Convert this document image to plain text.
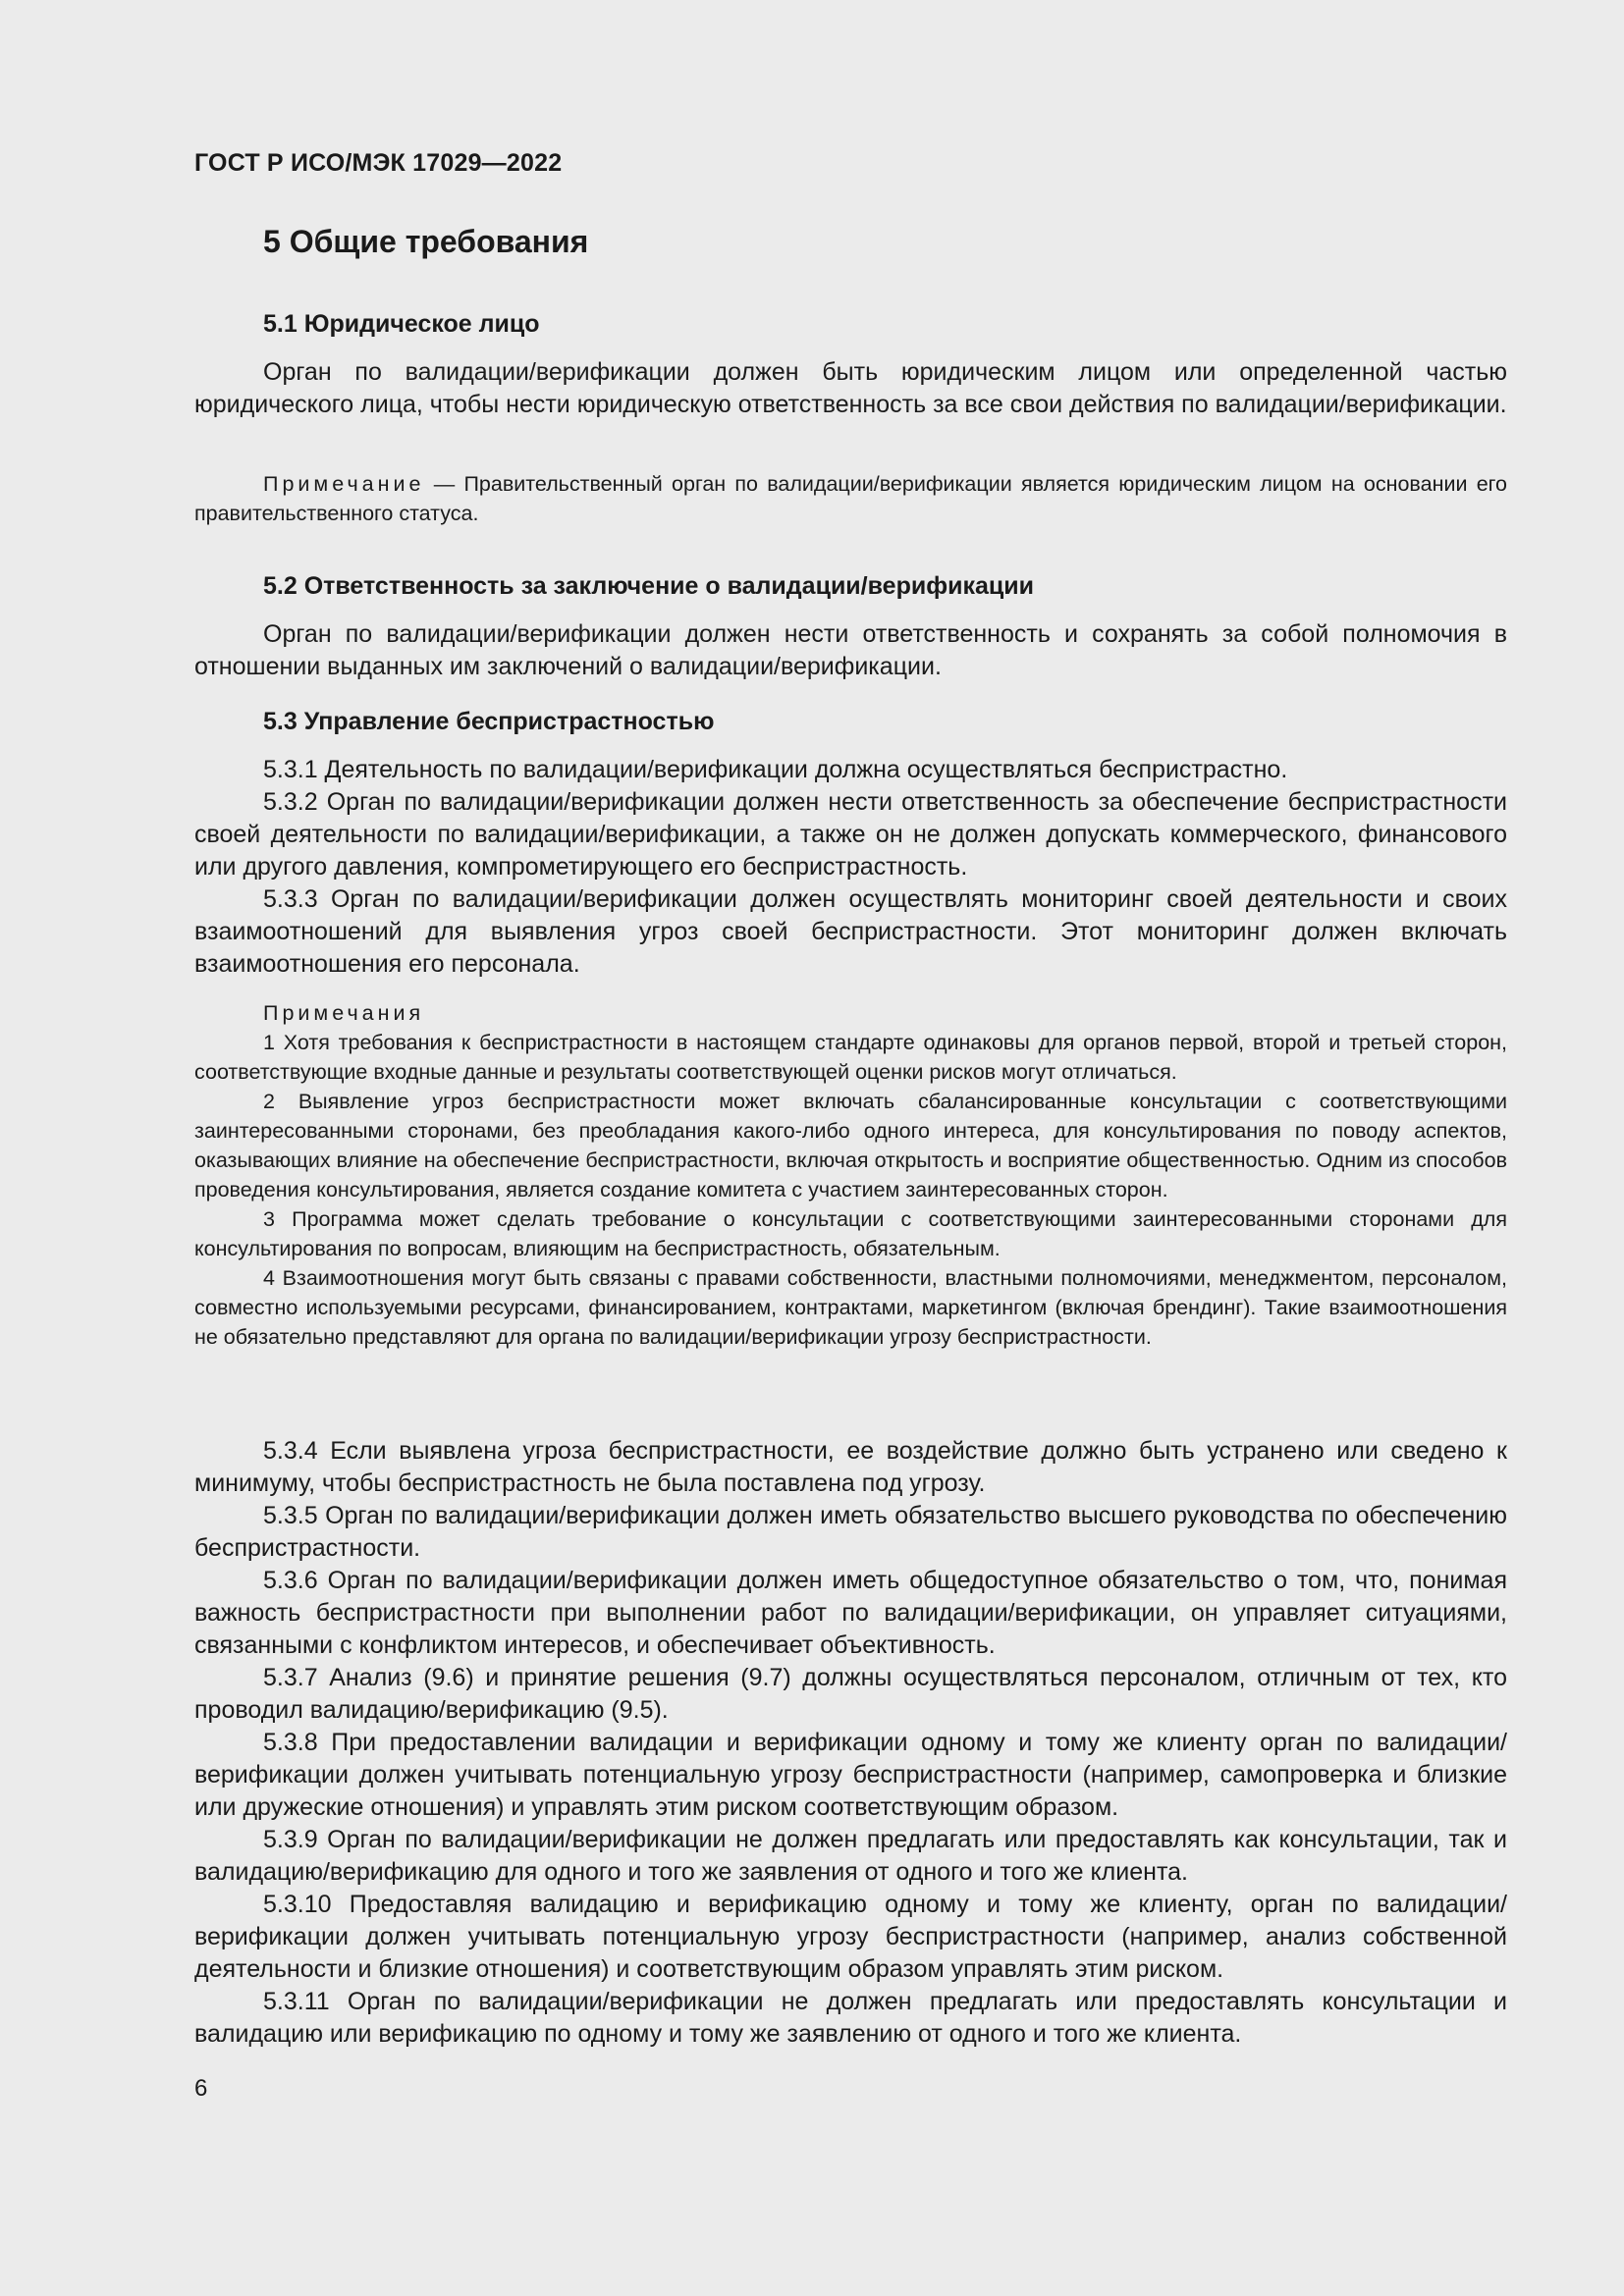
ГОСТ Р ИСО/МЭК 17029—2022
5 Общие требования
5.1 Юридическое лицо

Орган по валидации/верификации должен быть юридическим лицом или определенной частью юридического лица, чтобы нести юридическую ответственность за все свои действия по валидации/верификации.

Примечание — Правительственный орган по валидации/верификации является юридическим лицом на основании его правительственного статуса.

5.2 Ответственность за заключение о валидации/верификации

Орган по валидации/верификации должен нести ответственность и сохранять за собой полномочия в отношении выданных им заключений о валидации/верификации.

5.3 Управление беспристрастностью

5.3.1 Деятельность по валидации/верификации должна осуществляться беспристрастно.

5.3.2 Орган по валидации/верификации должен нести ответственность за обеспечение беспристрастности своей деятельности по валидации/верификации, а также он не должен допускать коммерческого, финансового или другого давления, компрометирующего его беспристрастность.

5.3.3 Орган по валидации/верификации должен осуществлять мониторинг своей деятельности и своих взаимоотношений для выявления угроз своей беспристрастности. Этот мониторинг должен включать взаимоотношения его персонала.

Примечания

1 Хотя требования к беспристрастности в настоящем стандарте одинаковы для органов первой, второй и третьей сторон, соответствующие входные данные и результаты соответствующей оценки рисков могут отличаться.

2 Выявление угроз беспристрастности может включать сбалансированные консультации с соответствующими заинтересованными сторонами, без преобладания какого-либо одного интереса, для консультирования по поводу аспектов, оказывающих влияние на обеспечение беспристрастности, включая открытость и восприятие общественностью. Одним из способов проведения консультирования, является создание комитета с участием заинтересованных сторон.

3 Программа может сделать требование о консультации с соответствующими заинтересованными сторонами для консультирования по вопросам, влияющим на беспристрастность, обязательным.

4 Взаимоотношения могут быть связаны с правами собственности, властными полномочиями, менеджментом, персоналом, совместно используемыми ресурсами, финансированием, контрактами, маркетингом (включая брендинг). Такие взаимоотношения не обязательно представляют для органа по валидации/верификации угрозу беспристрастности.

5.3.4 Если выявлена угроза беспристрастности, ее воздействие должно быть устранено или сведено к минимуму, чтобы беспристрастность не была поставлена под угрозу.

5.3.5 Орган по валидации/верификации должен иметь обязательство высшего руководства по обеспечению беспристрастности.

5.3.6 Орган по валидации/верификации должен иметь общедоступное обязательство о том, что, понимая важность беспристрастности при выполнении работ по валидации/верификации, он управляет ситуациями, связанными с конфликтом интересов, и обеспечивает объективность.

5.3.7 Анализ (9.6) и принятие решения (9.7) должны осуществляться персоналом, отличным от тех, кто проводил валидацию/верификацию (9.5).

5.3.8 При предоставлении валидации и верификации одному и тому же клиенту орган по валидации/верификации должен учитывать потенциальную угрозу беспристрастности (например, самопроверка и близкие или дружеские отношения) и управлять этим риском соответствующим образом.

5.3.9 Орган по валидации/верификации не должен предлагать или предоставлять как консультации, так и валидацию/верификацию для одного и того же заявления от одного и того же клиента.

5.3.10 Предоставляя валидацию и верификацию одному и тому же клиенту, орган по валидации/верификации должен учитывать потенциальную угрозу беспристрастности (например, анализ собственной деятельности и близкие отношения) и соответствующим образом управлять этим риском.

5.3.11 Орган по валидации/верификации не должен предлагать или предоставлять консультации и валидацию или верификацию по одному и тому же заявлению от одного и того же клиента.

6
